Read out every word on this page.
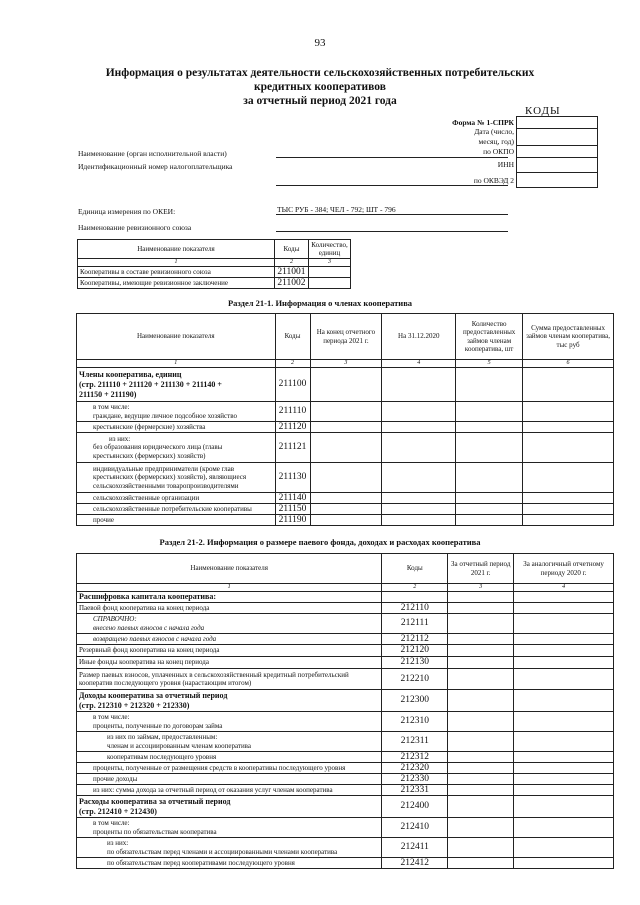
93
Информация о результатах деятельности сельскохозяйственных потребительских
кредитных кооперативов
за отчетный период 2021 года
КОДЫ
Форма № 1-СПРК
Дата (число,
месяц, год)
по ОКПО
ИНН
по ОКВЭД 2
Наименование (орган исполнительной власти)
Идентификационный номер налогоплательщика
Единица измерения по ОКЕИ:	ТЫС РУБ - 384; ЧЕЛ - 792; ШТ - 796
Наименование ревизионного союза
Наименование показателя	Коды	Количество, единиц
1	2	3
Кооперативы в составе ревизионного союза	211001	
Кооперативы, имеющие ревизионное заключение	211002	
Раздел 21-1. Информация о членах кооператива
Наименование показателя	Коды	На конец отчетного периода 2021 г.	На 31.12.2020	Количество предоставленных займов членам кооператива, шт	Сумма предоставленных займов членам кооператива, тыс руб
1	2	3	4	5	6

Члены кооператива, единиц
(стр. 211110 + 211120 + 211130 + 211140 +
211150 + 211190)	211100				

в том числе:
граждане, ведущие личное подсобное хозяйство	211110				
крестьянские (фермерские) хозяйства	211120				

из них:
без образования юридического лица (главы
крестьянских (фермерских) хозяйств)	211121				

индивидуальные предприниматели (кроме глав
крестьянских (фермерских) хозяйств), являющиеся
сельскохозяйственными товаропроизводителями	211130				
сельскохозяйственные организации	211140				
сельскохозяйственные потребительские кооперативы	211150				
прочие	211190				
Раздел 21-2. Информация о размере паевого фонда, доходах и расходах кооператива
Наименование показателя	Коды	За отчетный период 2021 г.	За аналогичный отчетному периоду 2020 г.
1	2	3	4
Расшифровка капитала кооператива:			
Паевой фонд кооператива на конец периода	212110		

СПРАВОЧНО:
внесено паевых взносов с начала года	212111		
возвращено паевых взносов с начала года	212112		
Резервный фонд кооператива на конец периода	212120		
Иные фонды кооператива на конец периода	212130		

Размер паевых взносов, уплаченных в сельскохозяйственный кредитный потребительский
кооператив последующего уровня (нарастающим итогом)	212210		

Доходы кооператива за отчетный период
(стр. 212310 + 212320 + 212330)	212300		

в том числе:
проценты, полученные по договорам займа	212310		

из них по займам, предоставленным:
членам и ассоциированным членам кооператива	212311		
кооперативам последующего уровня	212312		
проценты, полученные от размещения средств в кооперативы последующего уровня	212320		
прочие доходы	212330		
из них: сумма дохода за отчетный период от оказания услуг членам кооператива	212331		

Расходы кооператива за отчетный период
(стр. 212410 + 212430)	212400		

в том числе:
проценты по обязательствам кооператива	212410		

из них:
по обязательствам перед членами и ассоциированными членами кооператива	212411		
по обязательствам перед кооперативами последующего уровня	212412		
